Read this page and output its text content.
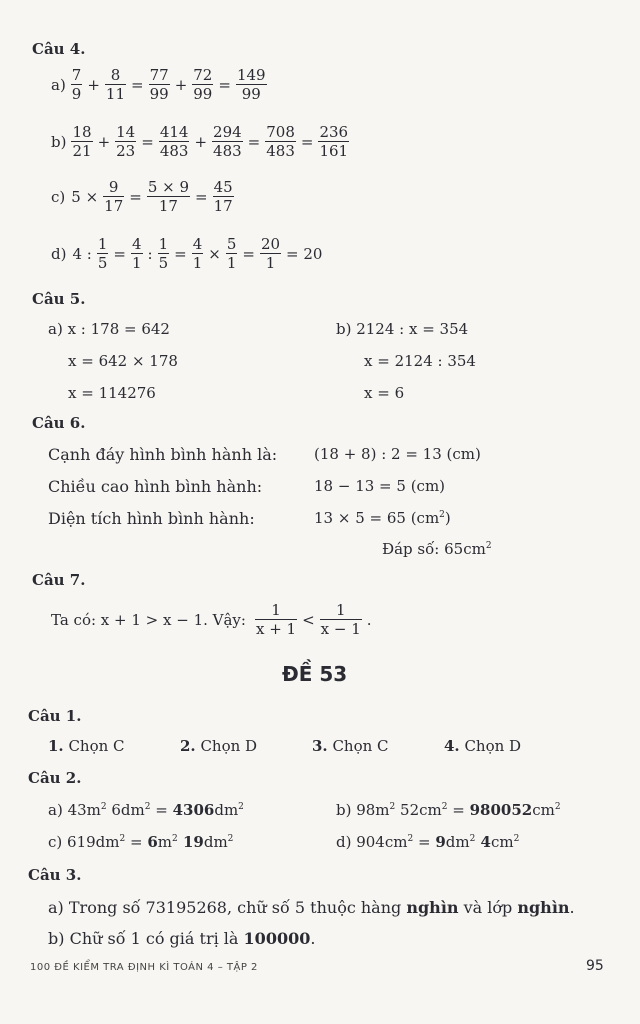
Câu 4.
$a) \frac{7}{9} + \frac{8}{11} = \frac{77}{99} + \frac{72}{99} = \frac{149}{99}$
$b) \frac{18}{21} + \frac{14}{23} = \frac{414}{483} + \frac{294}{483} = \frac{708}{483} = \frac{236}{161}$
c) $5 \times \frac{9}{17} = \frac{5 \times 9}{17} = \frac{45}{17}$
d) 4 : $\frac{1}{5} = \frac{4}{1}$ : $\frac{1}{5} = \frac{4}{1} \times \frac{5}{1} = \frac{20}{1} = 20$
Câu 5.
a) x : 178 = 642
x = 642 × 178
x = 114276
b) 2124 : x = 354
x = 2124 : 354
x = 6
Câu 6.
Cạnh đáy hình bình hành là: (18 + 8) : 2 = 13 (cm)
Chiều cao hình bình hành:	18 − 13 = 5 (cm)
Diện tích hình bình hành:	13 × 5 = 65 $(cm^2)$
Đáp số: $65cm^2$
Câu 7.
Ta có: x + 1 > x − 1. Vậy: $\frac{1}{x + 1} < \frac{1}{x - 1}$ .
ĐỀ 53
Câu 1.
1. Chọn C	2. Chọn D	3. Chọn C	4. Chọn D
Câu 2.
a) $43m^2$ $6dm^2 = 4306dm^2$	b) $98m^2$ $52cm^2 = 980052cm^2$
c) $619dm^2 = 6m^2$ $19dm^2$	d) $904cm^2 = 9dm^2$ $4cm^2$
Câu 3.
a) Trong số 73195268, chữ số 5 thuộc hàng nghìn và lớp nghìn.
b) Chữ số 1 có giá trị là 100000.
100 ĐỀ KIỂM TRA ĐỊNH KÌ TOÁN 4 – TẬP 2	95
